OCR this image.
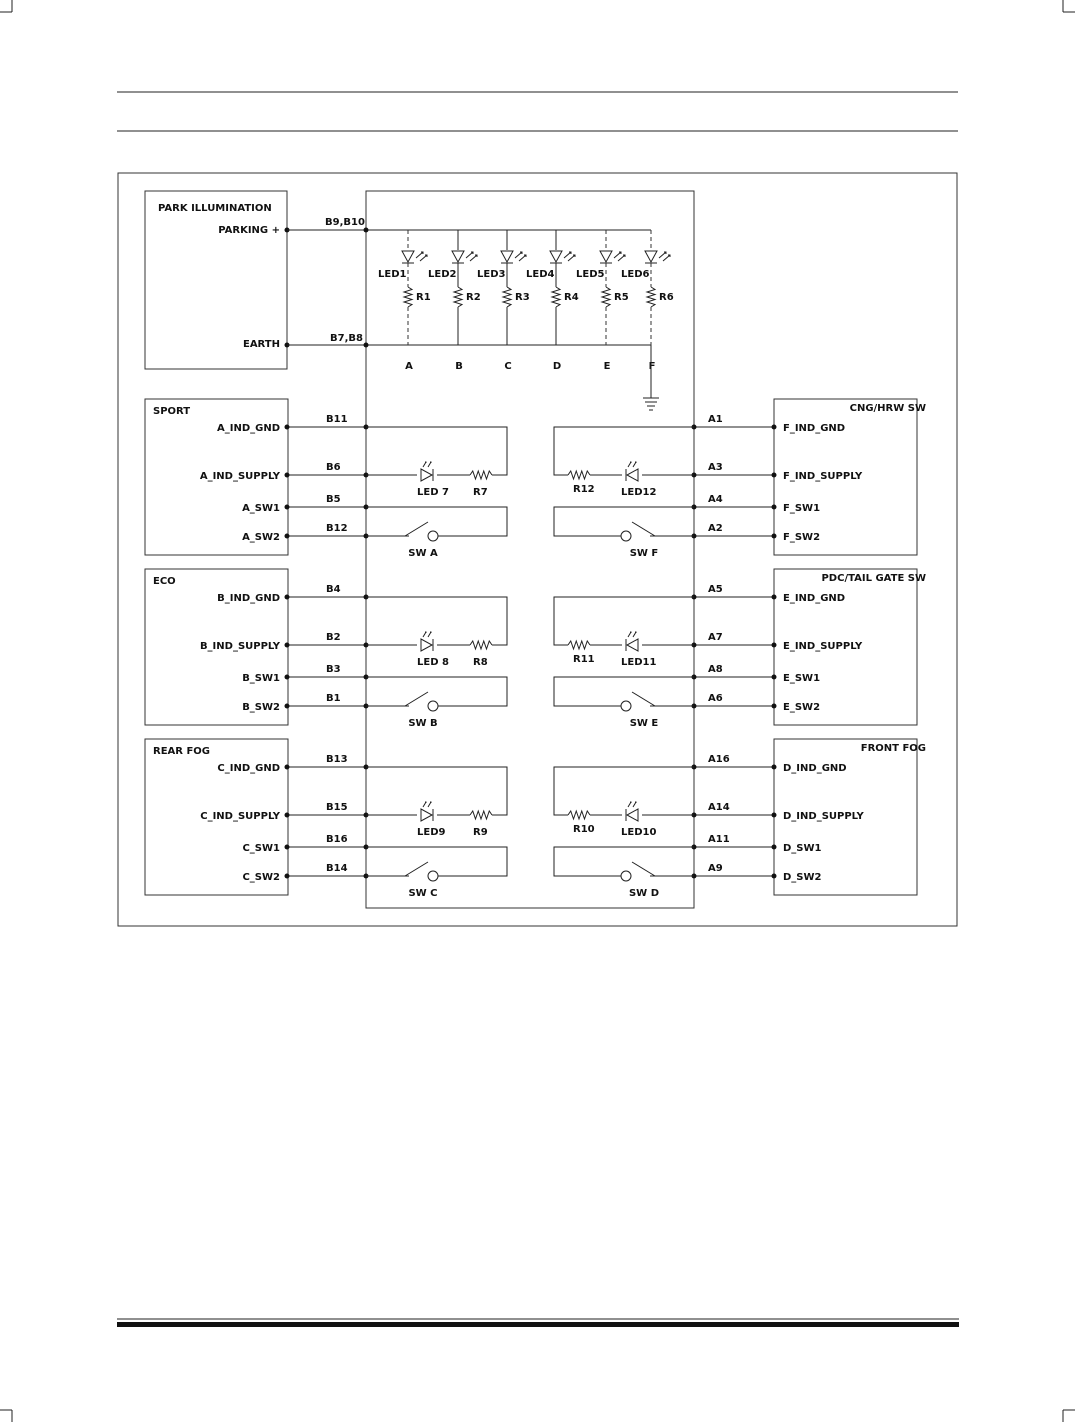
PARK ILLUMINATION
PARKING +
EARTH
B9,B10
B7,B8
LED1
R1
A
LED2
R2
B
LED3
R3
C
LED4
R4
D
LED5
R5
E
LED6
R6
F
SPORT
A_IND_GND
B11
A_IND_SUPPLY
B6
A_SW1
B5
A_SW2
B12
LED 7 R7
SW A
ECO
B_IND_GND
B4
B_IND_SUPPLY
B2
B_SW1
B3
B_SW2
B1
LED 8 R8
SW B
REAR FOG
C_IND_GND
B13
C_IND_SUPPLY
B15
C_SW1
B16
C_SW2
B14
LED9	R9
SW C
CNG/HRW SW
F_IND_GND
A1
F_IND_SUPPLY
A3
F_SW1
A4
F_SW2
A2
LED12
R12
SW F
PDC/TAIL GATE SW
E_IND_GND
A5
E_IND_SUPPLY
A7
E_SW1
A8
E_SW2
A6
LED11
R11
SW E
FRONT FOG
D_IND_GND
A16
D_IND_SUPPLY
A14
D_SW1
A11
D_SW2
A9
LED10
R10
SW D
